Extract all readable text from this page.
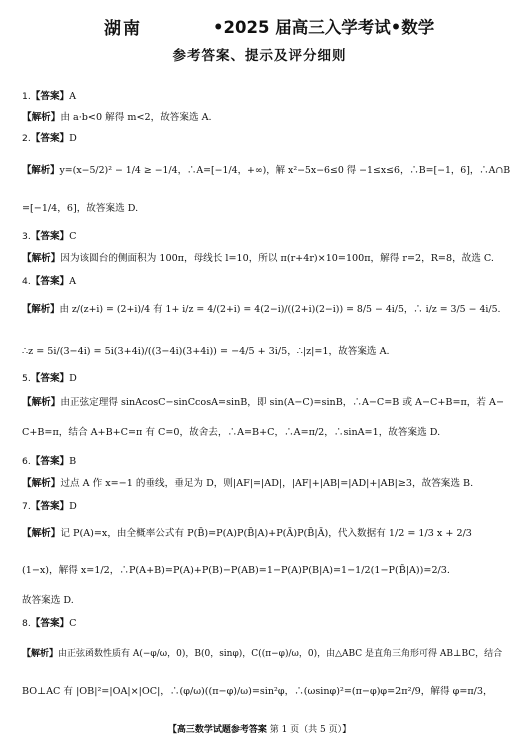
湖南	•2025 届高三入学考试•数学
参考答案、提示及评分细则
1.【答案】A
【解析】由 a·b<0 解得 m<2，故答案选 A.
2.【答案】D
【解析】y=(x−5/2)² − 1/4 ≥ −1/4，∴A=[−1/4，+∞)，解 x²−5x−6≤0 得 −1≤x≤6，∴B=[−1，6]，∴A∩B
=[−1/4，6]，故答案选 D.
3.【答案】C
【解析】因为该圆台的侧面积为 100π，母线长 l=10，所以 π(r+4r)×10=100π，解得 r=2，R=8，故选 C.
4.【答案】A
【解析】由 z/(z+i) = (2+i)/4 有 1+ i/z = 4/(2+i) = 4(2−i)/((2+i)(2−i)) = 8/5 − 4i/5，∴ i/z = 3/5 − 4i/5.
∴z = 5i/(3−4i) = 5i(3+4i)/((3−4i)(3+4i)) = −4/5 + 3i/5，∴|z|=1，故答案选 A.
5.【答案】D
【解析】由正弦定理得 sinAcosC−sinCcosA=sinB，即 sin(A−C)=sinB，∴A−C=B 或 A−C+B=π，若 A−
C+B=π，结合 A+B+C=π 有 C=0，故舍去，∴A=B+C，∴A=π/2，∴sinA=1，故答案选 D.
6.【答案】B
【解析】过点 A 作 x=−1 的垂线，垂足为 D，则|AF|=|AD|，|AF|+|AB|=|AD|+|AB|≥3，故答案选 B.
7.【答案】D
【解析】记 P(A)=x，由全概率公式有 P(B̄)=P(A)P(B̄|A)+P(Ā)P(B̄|Ā)，代入数据有 1/2 = 1/3 x + 2/3
(1−x)，解得 x=1/2，∴P(A+B)=P(A)+P(B)−P(AB)=1−P(A)P(B|A)=1−1/2(1−P(B̄|A))=2/3.
故答案选 D.
8.【答案】C
【解析】由正弦函数性质有 A(−φ/ω，0)，B(0，sinφ)，C((π−φ)/ω，0)，由△ABC 是直角三角形可得 AB⊥BC，结合
BO⊥AC 有 |OB|²=|OA|×|OC|，∴(φ/ω)((π−φ)/ω)=sin²φ，∴(ωsinφ)²=(π−φ)φ=2π²/9，解得 φ=π/3，
【高三数学试题参考答案 第 1 页（共 5 页）】
